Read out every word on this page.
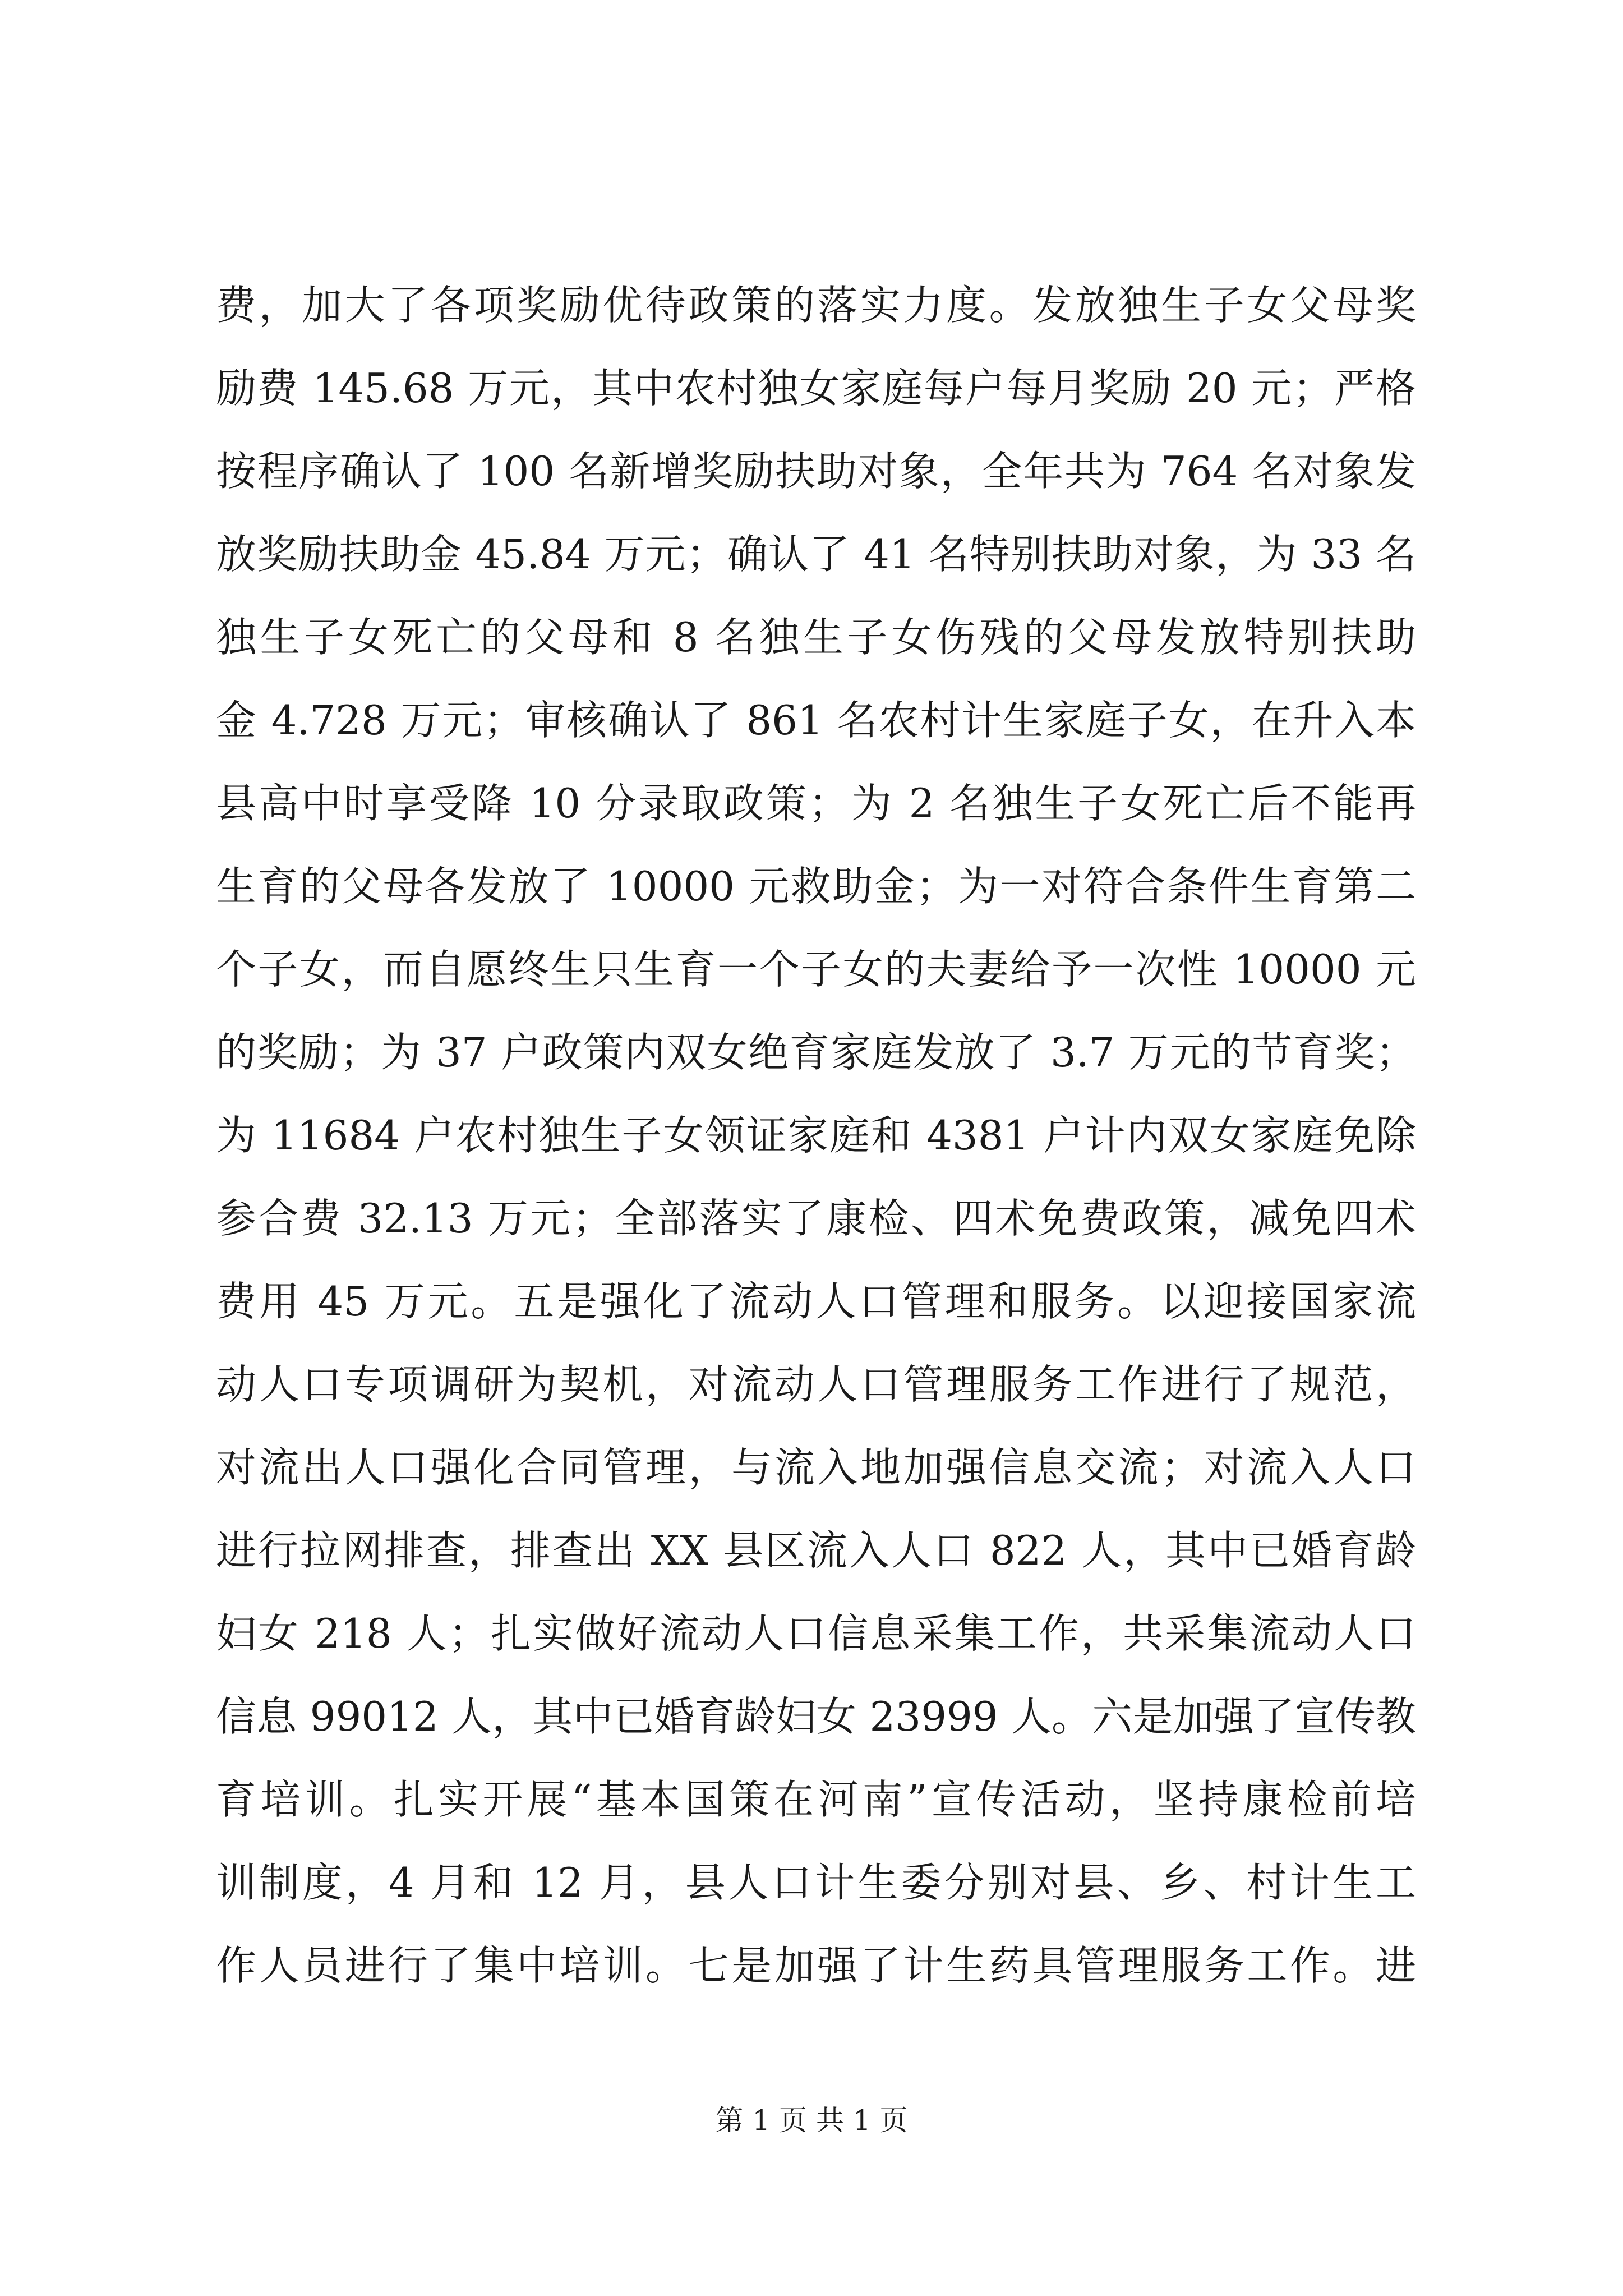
费，加大了各项奖励优待政策的落实力度。发放独生子女父母奖
励费 145.68 万元，其中农村独女家庭每户每月奖励 20 元；严格
按程序确认了 100 名新增奖励扶助对象，全年共为 764 名对象发
放奖励扶助金 45.84 万元；确认了 41 名特别扶助对象，为 33 名
独生子女死亡的父母和 8 名独生子女伤残的父母发放特别扶助
金 4.728 万元；审核确认了 861 名农村计生家庭子女，在升入本
县高中时享受降 10 分录取政策；为 2 名独生子女死亡后不能再
生育的父母各发放了 10000 元救助金；为一对符合条件生育第二
个子女，而自愿终生只生育一个子女的夫妻给予一次性 10000 元
的奖励；为 37 户政策内双女绝育家庭发放了 3.7 万元的节育奖；
为 11684 户农村独生子女领证家庭和 4381 户计内双女家庭免除
参合费 32.13 万元；全部落实了康检、四术免费政策，减免四术
费用 45 万元。五是强化了流动人口管理和服务。以迎接国家流
动人口专项调研为契机，对流动人口管理服务工作进行了规范，
对流出人口强化合同管理，与流入地加强信息交流；对流入人口
进行拉网排查，排查出 XX 县区流入人口 822 人，其中已婚育龄
妇女 218 人；扎实做好流动人口信息采集工作，共采集流动人口
信息 99012 人，其中已婚育龄妇女 23999 人。六是加强了宣传教
育培训。扎实开展“基本国策在河南”宣传活动，坚持康检前培
训制度，4 月和 12 月，县人口计生委分别对县、乡、村计生工
作人员进行了集中培训。七是加强了计生药具管理服务工作。进
第 1 页 共 1 页
